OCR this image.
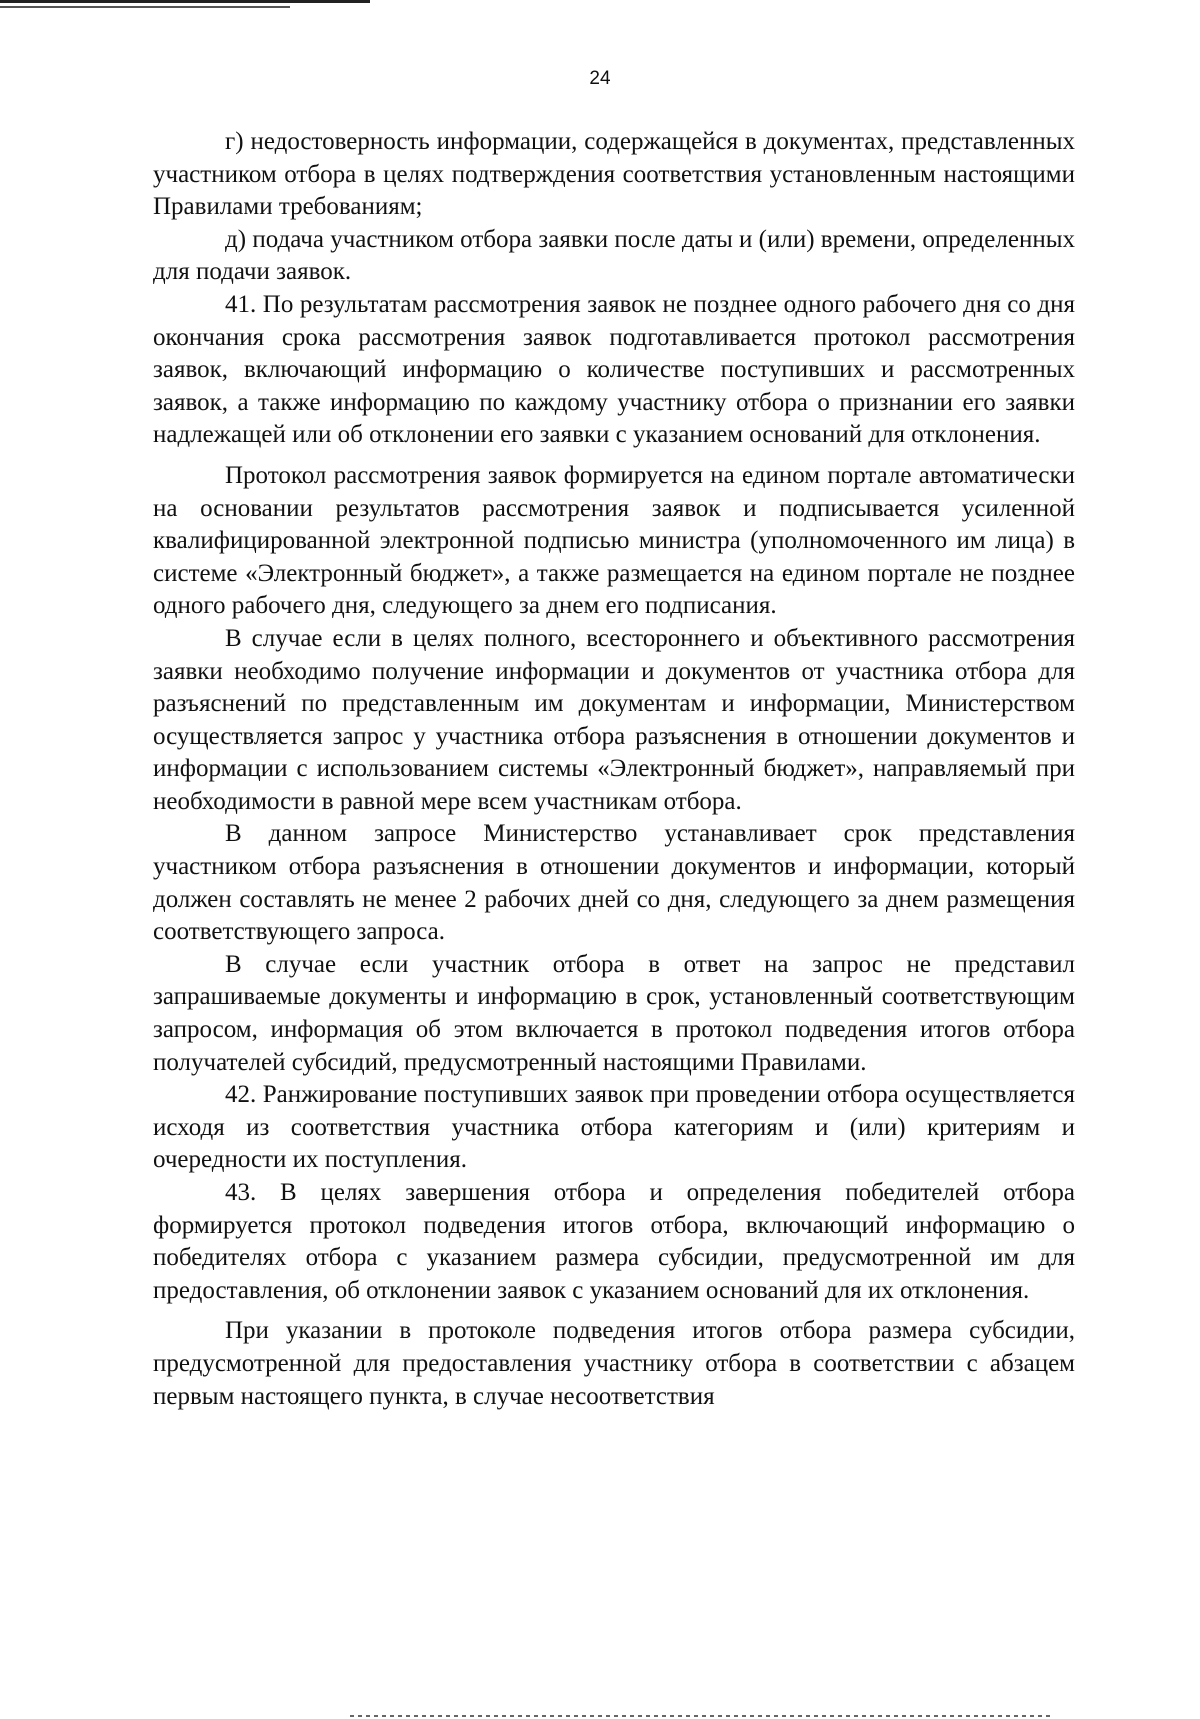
24

г) недостоверность информации, содержащейся в документах, представленных участником отбора в целях подтверждения соответствия установленным настоящими Правилами требованиям;

д) подача участником отбора заявки после даты и (или) времени, определенных для подачи заявок.

41. По результатам рассмотрения заявок не позднее одного рабочего дня со дня окончания срока рассмотрения заявок подготавливается протокол рассмотрения заявок, включающий информацию о количестве поступивших и рассмотренных заявок, а также информацию по каждому участнику отбора о признании его заявки надлежащей или об отклонении его заявки с указанием оснований для отклонения.

Протокол рассмотрения заявок формируется на едином портале автоматически на основании результатов рассмотрения заявок и подписывается усиленной квалифицированной электронной подписью министра (уполномоченного им лица) в системе «Электронный бюджет», а также размещается на едином портале не позднее одного рабочего дня, следующего за днем его подписания.

В случае если в целях полного, всестороннего и объективного рассмотрения заявки необходимо получение информации и документов от участника отбора для разъяснений по представленным им документам и информации, Министерством осуществляется запрос у участника отбора разъяснения в отношении документов и информации с использованием системы «Электронный бюджет», направляемый при необходимости в равной мере всем участникам отбора.

В данном запросе Министерство устанавливает срок представления участником отбора разъяснения в отношении документов и информации, который должен составлять не менее 2 рабочих дней со дня, следующего за днем размещения соответствующего запроса.

В случае если участник отбора в ответ на запрос не представил запрашиваемые документы и информацию в срок, установленный соответствующим запросом, информация об этом включается в протокол подведения итогов отбора получателей субсидий, предусмотренный настоящими Правилами.

42. Ранжирование поступивших заявок при проведении отбора осуществляется исходя из соответствия участника отбора категориям и (или) критериям и очередности их поступления.

43. В целях завершения отбора и определения победителей отбора формируется протокол подведения итогов отбора, включающий информацию о победителях отбора с указанием размера субсидии, предусмотренной им для предоставления, об отклонении заявок с указанием оснований для их отклонения.

При указании в протоколе подведения итогов отбора размера субсидии, предусмотренной для предоставления участнику отбора в соответствии с абзацем первым настоящего пункта, в случае несоответствия
